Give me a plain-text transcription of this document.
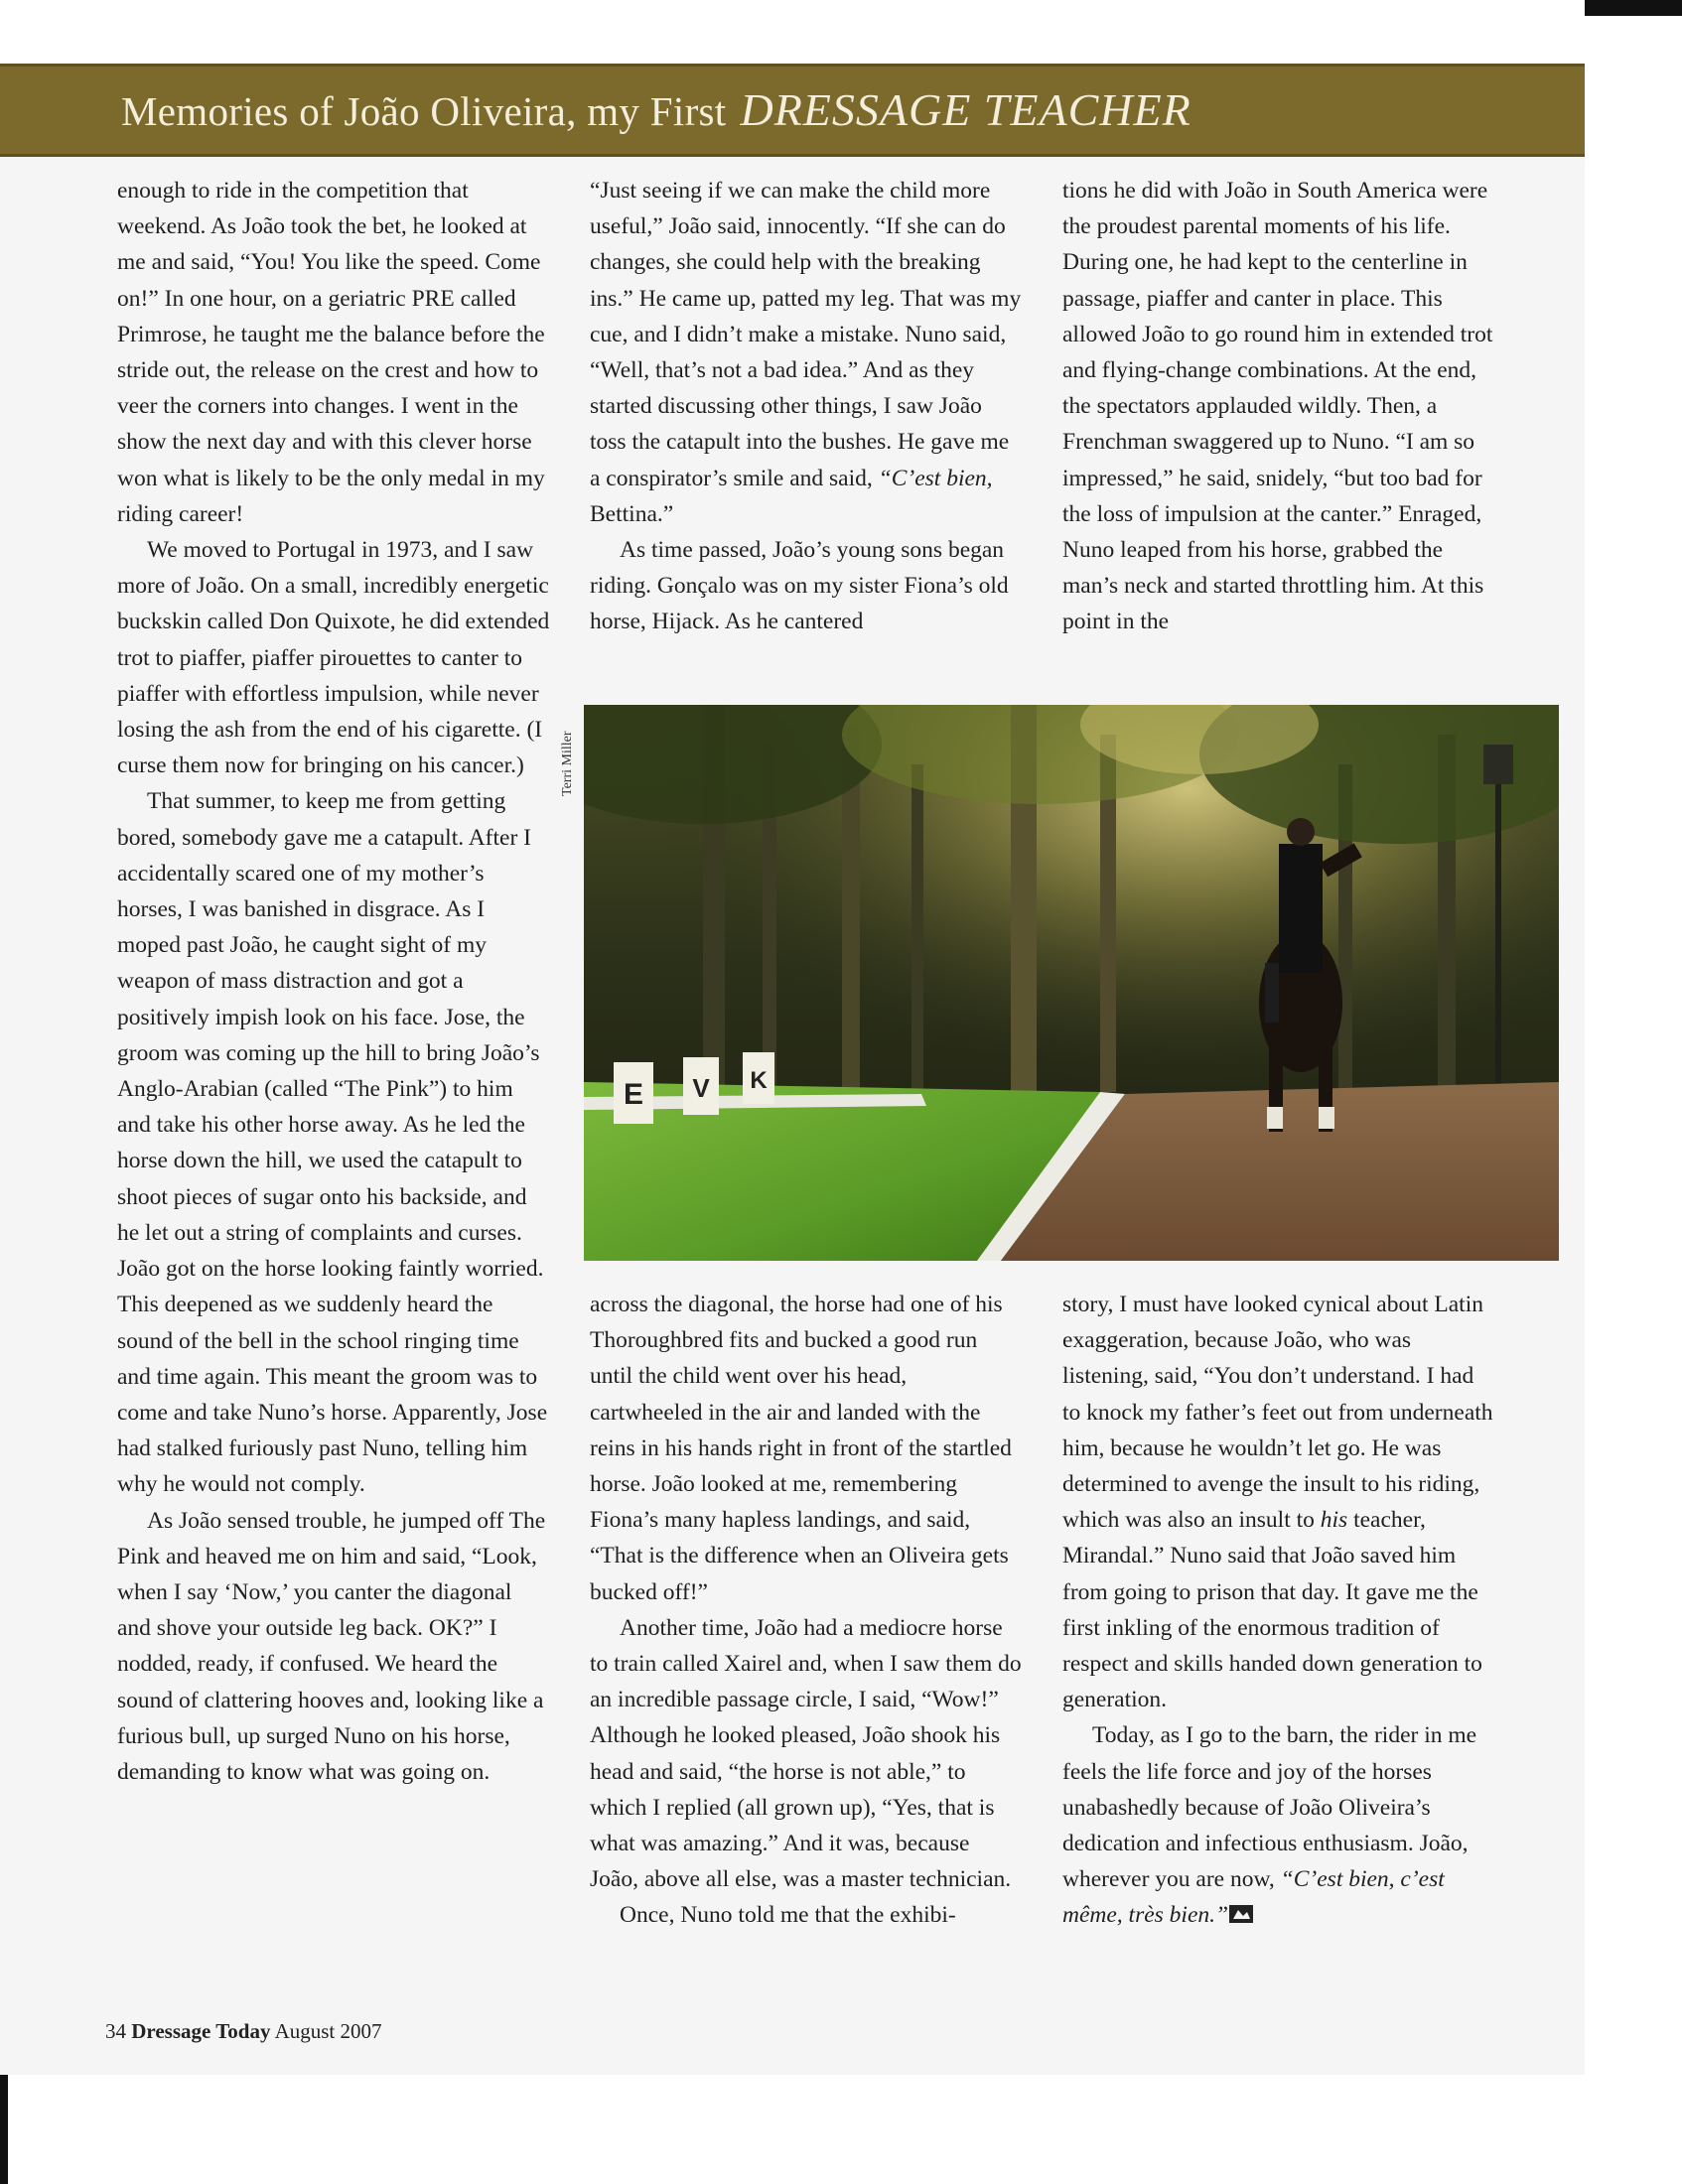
Memories of João Oliveira, my First DRESSAGE TEACHER

enough to ride in the competition that weekend. As João took the bet, he looked at me and said, “You! You like the speed. Come on!” In one hour, on a geriatric PRE called Primrose, he taught me the balance before the stride out, the release on the crest and how to veer the corners into changes. I went in the show the next day and with this clever horse won what is likely to be the only medal in my riding career!

We moved to Portugal in 1973, and I saw more of João. On a small, incredibly energetic buckskin called Don Quixote, he did extended trot to piaffer, piaffer pirouettes to canter to piaffer with effortless impulsion, while never losing the ash from the end of his cigarette. (I curse them now for bringing on his cancer.)

That summer, to keep me from getting bored, somebody gave me a catapult. After I accidentally scared one of my mother’s horses, I was banished in disgrace. As I moped past João, he caught sight of my weapon of mass distraction and got a positively impish look on his face. Jose, the groom was coming up the hill to bring João’s Anglo-Arabian (called “The Pink”) to him and take his other horse away. As he led the horse down the hill, we used the catapult to shoot pieces of sugar onto his backside, and he let out a string of complaints and curses. João got on the horse looking faintly worried. This deepened as we suddenly heard the sound of the bell in the school ringing time and time again. This meant the groom was to come and take Nuno’s horse. Apparently, Jose had stalked furiously past Nuno, telling him why he would not comply.

As João sensed trouble, he jumped off The Pink and heaved me on him and said, “Look, when I say ‘Now,’ you canter the diagonal and shove your outside leg back. OK?” I nodded, ready, if confused. We heard the sound of clattering hooves and, looking like a furious bull, up surged Nuno on his horse, demanding to know what was going on.

“Just seeing if we can make the child more useful,” João said, innocently. “If she can do changes, she could help with the breaking ins.” He came up, patted my leg. That was my cue, and I didn’t make a mistake. Nuno said, “Well, that’s not a bad idea.” And as they started discussing other things, I saw João toss the catapult into the bushes. He gave me a conspirator’s smile and said, “C’est bien, Bettina.”

As time passed, João’s young sons began riding. Gonçalo was on my sister Fiona’s old horse, Hijack. As he cantered

tions he did with João in South America were the proudest parental moments of his life. During one, he had kept to the centerline in passage, piaffer and canter in place. This allowed João to go round him in extended trot and flying-change combinations. At the end, the spectators applauded wildly. Then, a Frenchman swaggered up to Nuno. “I am so impressed,” he said, snidely, “but too bad for the loss of impulsion at the canter.” Enraged, Nuno leaped from his horse, grabbed the man’s neck and started throttling him. At this point in the

Terri Miller
E V K

across the diagonal, the horse had one of his Thoroughbred fits and bucked a good run until the child went over his head, cartwheeled in the air and landed with the reins in his hands right in front of the startled horse. João looked at me, remembering Fiona’s many hapless landings, and said, “That is the difference when an Oliveira gets bucked off!”

Another time, João had a mediocre horse to train called Xairel and, when I saw them do an incredible passage circle, I said, “Wow!” Although he looked pleased, João shook his head and said, “the horse is not able,” to which I replied (all grown up), “Yes, that is what was amazing.” And it was, because João, above all else, was a master technician.

Once, Nuno told me that the exhibi-

story, I must have looked cynical about Latin exaggeration, because João, who was listening, said, “You don’t understand. I had to knock my father’s feet out from underneath him, because he wouldn’t let go. He was determined to avenge the insult to his riding, which was also an insult to his teacher, Mirandal.” Nuno said that João saved him from going to prison that day. It gave me the first inkling of the enormous tradition of respect and skills handed down generation to generation.

Today, as I go to the barn, the rider in me feels the life force and joy of the horses unabashedly because of João Oliveira’s dedication and infectious enthusiasm. João, wherever you are now, “C’est bien, c’est même, très bien.”

34 Dressage Today August 2007
